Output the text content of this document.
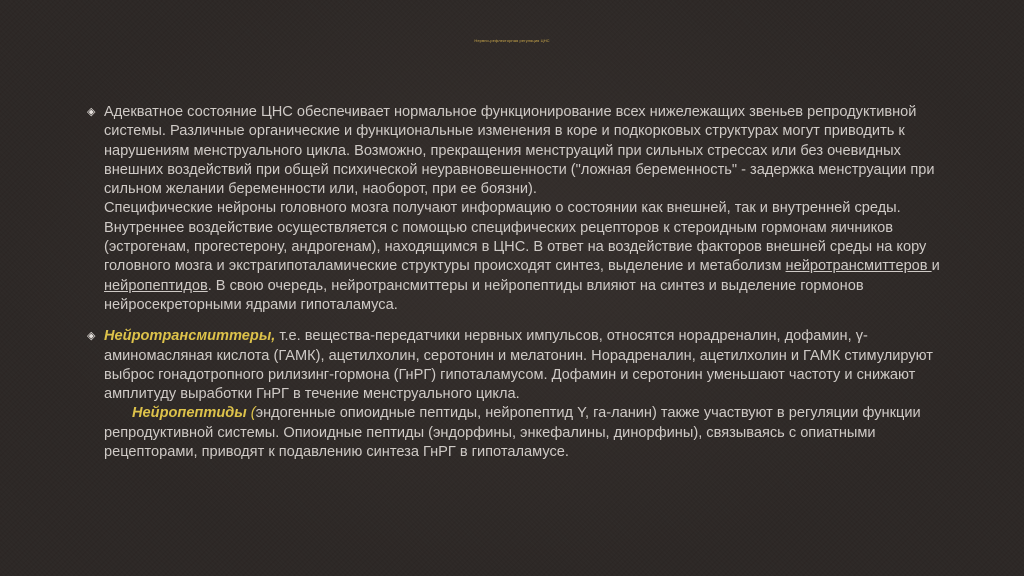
Нервно-рефлекторная регуляция ЦНС
◈ Адекватное состояние ЦНС обеспечивает нормальное функционирование всех нижележащих звеньев репродуктивной системы. Различные органические и функциональные изменения в коре и подкорковых структурах могут приводить к нарушениям менструального цикла. Возможно, прекращения менструаций при сильных стрессах или без очевидных внешних воздействий при общей психической неуравновешенности ("ложная беременность" - задержка менструации при сильном желании беременности или, наоборот, при ее боязни).
Специфические нейроны головного мозга получают информацию о состоянии как внешней, так и внутренней среды. Внутреннее воздействие осуществляется с помощью специфических рецепторов к стероидным гормонам яичников (эстрогенам, прогестерону, андрогенам), находящимся в ЦНС. В ответ на воздействие факторов внешней среды на кору головного мозга и экстрагипоталамические структуры происходят синтез, выделение и метаболизм нейротрансмиттеров и нейропептидов. В свою очередь, нейротрансмиттеры и нейропептиды влияют на синтез и выделение гормонов нейросекреторными ядрами гипоталамуса.
◈ Нейротрансмиттеры, т.е. вещества-передатчики нервных импульсов, относятся норадреналин, дофамин, γ- аминомасляная кислота (ГАМК), ацетилхолин, серотонин и мелатонин. Норадреналин, ацетилхолин и ГАМК стимулируют выброс гонадотропного рилизинг-гормона (ГнРГ) гипоталамусом. Дофамин и серотонин уменьшают частоту и снижают амплитуду выработки ГнРГ в течение менструального цикла.
Нейропептиды (эндогенные опиоидные пептиды, нейропептид Y, га-ланин) также участвуют в регуляции функции репродуктивной системы. Опиоидные пептиды (эндорфины, энкефалины, динорфины), связываясь с опиатными рецепторами, приводят к подавлению синтеза ГнРГ в гипоталамусе.
